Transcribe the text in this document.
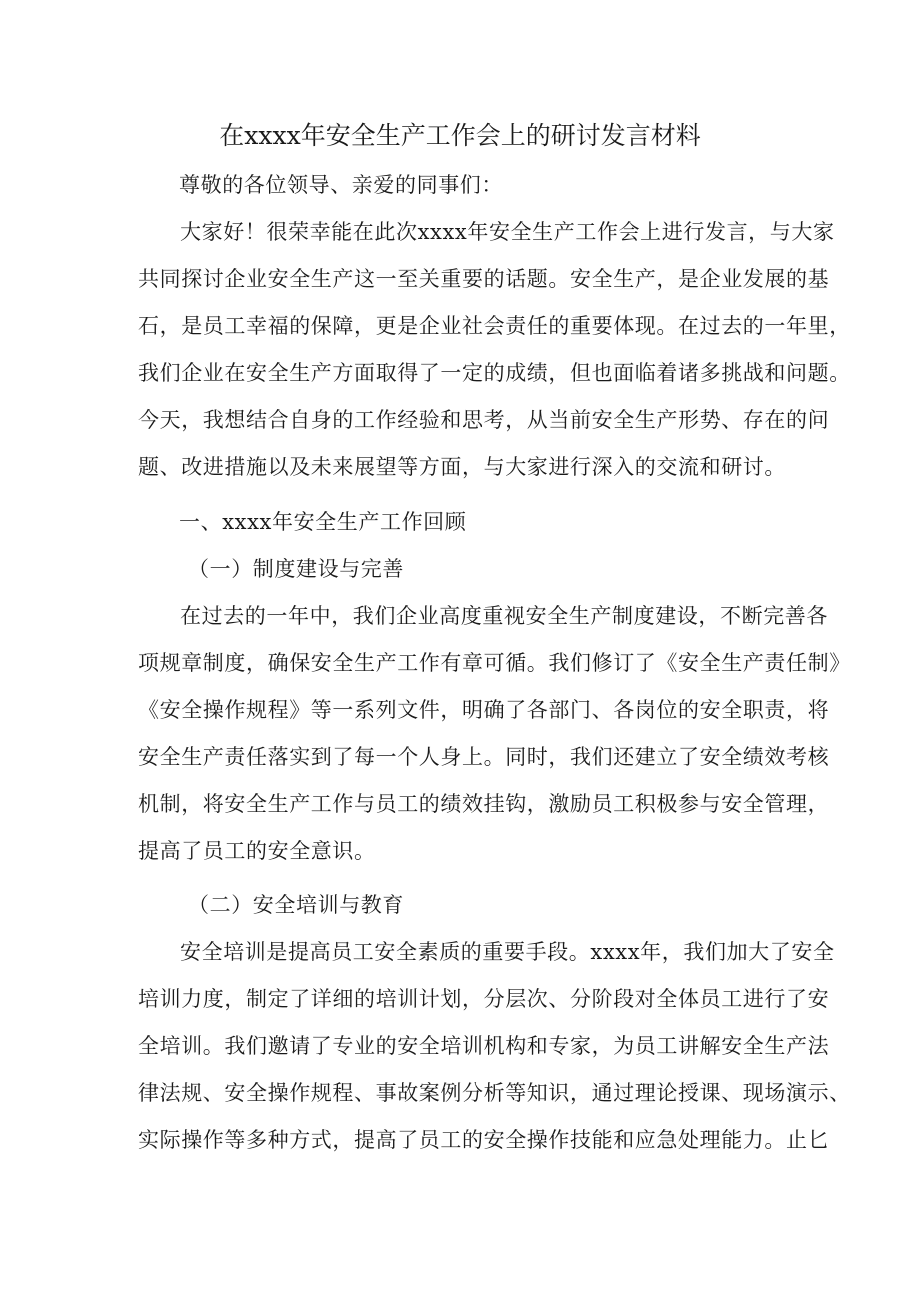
在xxxx年安全生产工作会上的研讨发言材料
尊敬的各位领导、亲爱的同事们：
大家好！很荣幸能在此次xxxx年安全生产工作会上进行发言，与大家
共同探讨企业安全生产这一至关重要的话题。安全生产，是企业发展的基
石，是员工幸福的保障，更是企业社会责任的重要体现。在过去的一年里，
我们企业在安全生产方面取得了一定的成绩，但也面临着诸多挑战和问题。
今天，我想结合自身的工作经验和思考，从当前安全生产形势、存在的问
题、改进措施以及未来展望等方面，与大家进行深入的交流和研讨。
一、xxxx年安全生产工作回顾
（一）制度建设与完善
在过去的一年中，我们企业高度重视安全生产制度建设，不断完善各
项规章制度，确保安全生产工作有章可循。我们修订了《安全生产责任制》
《安全操作规程》等一系列文件，明确了各部门、各岗位的安全职责，将
安全生产责任落实到了每一个人身上。同时，我们还建立了安全绩效考核
机制，将安全生产工作与员工的绩效挂钩，激励员工积极参与安全管理，
提高了员工的安全意识。
（二）安全培训与教育
安全培训是提高员工安全素质的重要手段。xxxx年，我们加大了安全
培训力度，制定了详细的培训计划，分层次、分阶段对全体员工进行了安
全培训。我们邀请了专业的安全培训机构和专家，为员工讲解安全生产法
律法规、安全操作规程、事故案例分析等知识，通过理论授课、现场演示、
实际操作等多种方式，提高了员工的安全操作技能和应急处理能力。止匕
